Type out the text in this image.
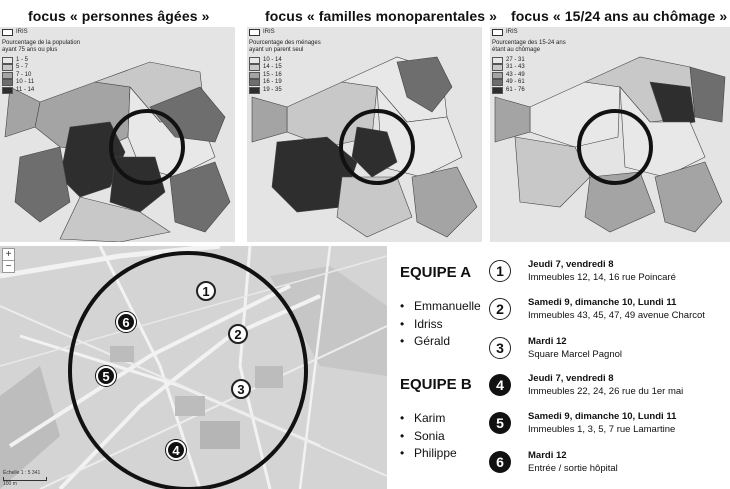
focus « personnes âgées »	focus « familles monoparentales » focus « 15/24 ans au chômage »
IRIS
Pourcentage de la population ayant 75 ans ou plus
1 - 5
5 - 7
7 - 10
10 - 11
11 - 14
IRIS
Pourcentage des ménages ayant un parent seul
10 - 14
14 - 15
15 - 16
16 - 19
19 - 35
IRIS
Pourcentage des 15-24 ans étant au chômage
27 - 31
31 - 43
43 - 49
49 - 61
61 - 76
+
−
Échelle 1 : 5 341
100 m
1
2
3
4
5
6
EQUIPE A
• Emmanuelle
• Idriss
• Gérald
EQUIPE B
• Karim
• Sonia
• Philippe
1	Jeudi 7, vendredi 8
Immeubles 12, 14, 16 rue Poincaré
2	Samedi 9, dimanche 10, Lundi 11
Immeubles 43, 45, 47, 49 avenue Charcot
3	Mardi 12
Square Marcel Pagnol
4	Jeudi 7, vendredi 8
Immeubles 22, 24, 26 rue du 1er mai
5	Samedi 9, dimanche 10, Lundi 11
Immeubles 1, 3, 5, 7 rue Lamartine
6	Mardi 12
Entrée / sortie hôpital
